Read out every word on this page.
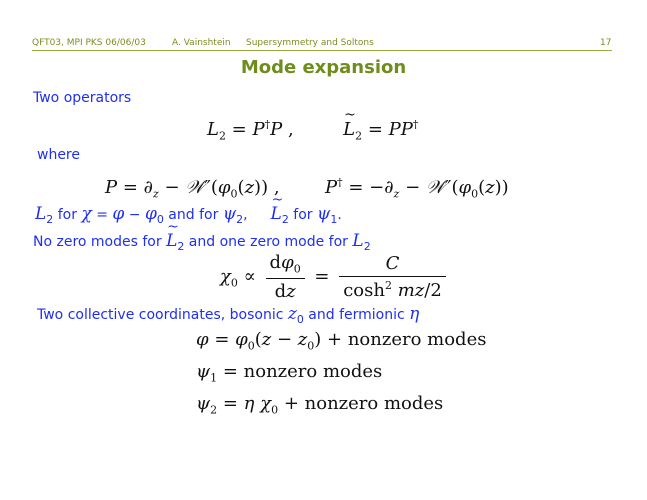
QFT03, MPI PKS 06/06/03	A. Vainshtein Supersymmetry and Soltons	17
Mode expansion
Two operators
$L_2 = P^\dagger P$ ,  ~ $L_2 = PP^\dagger$
where
$P = \partial_z$ − $𝒲''(\varphi_0(z))$ ,  $P^\dagger = -\partial_z$ − $𝒲''(\varphi_0(z))$
$L_2$ for $\chi = \varphi - \varphi_0$ and for $\psi_2$,  ~ $L_2$ for $\psi_1$.
No zero modes for ~ $L_2$ and one zero mode for $L_2$
$\chi_0 \propto \frac{d\varphi_0}{dz} = \frac{C}{\cosh^2 mz/2}$
Two collective coordinates, bosonic $z_0$ and fermionic η
$\varphi = \varphi_0(z - z_0)$ + nonzero modes
$\psi_1$ = nonzero modes
$\psi_2 = \eta$ $\chi_0$ + nonzero modes
